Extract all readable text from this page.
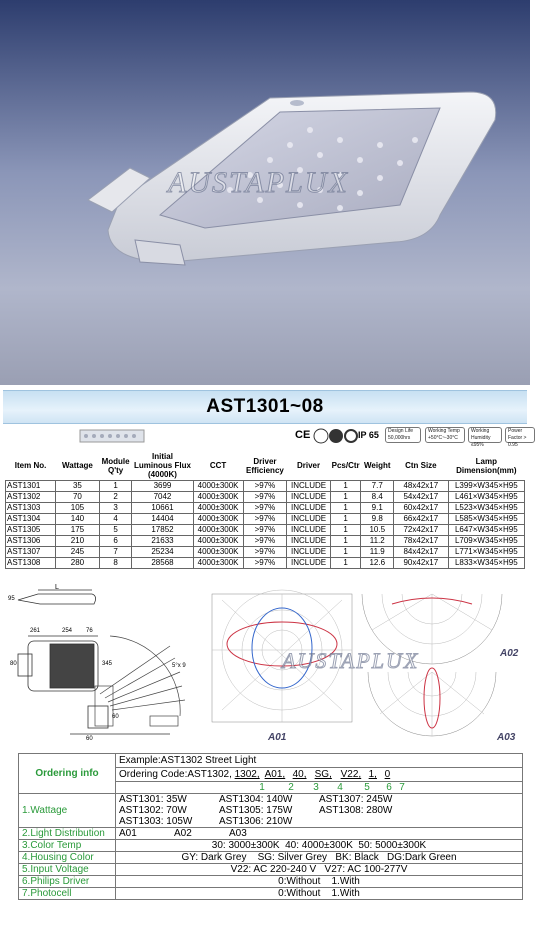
AUSTAPLUX
AST1301~08
CE	IP 65	Design Life 50,000hrs
Working Temp +50°C~-30°C
Working Humidity ≤95%
Power Factor > 0.95
Item No.	Wattage	Module Q'ty	Initial Luminous Flux (4000K)	CCT	Driver Efficiency	Driver	Pcs/Ctr	Weight	Ctn Size	Lamp Dimension(mm)
AST1301	35	1	3699	4000±300K	>97%	INCLUDE	1	7.7	48x42x17	L399×W345×H95
AST1302	70	2	7042	4000±300K	>97%	INCLUDE	1	8.4	54x42x17	L461×W345×H95
AST1303	105	3	10661	4000±300K	>97%	INCLUDE	1	9.1	60x42x17	L523×W345×H95
AST1304	140	4	14404	4000±300K	>97%	INCLUDE	1	9.8	66x42x17	L585×W345×H95
AST1305	175	5	17852	4000±300K	>97%	INCLUDE	1	10.5	72x42x17	L647×W345×H95
AST1306	210	6	21633	4000±300K	>97%	INCLUDE	1	11.2	78x42x17	L709×W345×H95
AST1307	245	7	25234	4000±300K	>97%	INCLUDE	1	11.9	84x42x17	L771×W345×H95
AST1308	280	8	28568	4000±300K	>97%	INCLUDE	1	12.6	90x42x17	L833×W345×H95
L
95
261	254 76
345
80
60
60
5°x 9
A01
A02
A03
AUSTAPLUX
Ordering info	Example:AST1302 Street Light
	Ordering Code:AST1302, 1302, A01, 40, SG, V22, 1, 0
	1 2 3 4 5 6 7
1.Wattage	AST1301: 35W AST1304: 140W AST1307: 245W
AST1302: 70W AST1305: 175W AST1308: 280W
AST1303: 105W AST1306: 210W

2.Light Distribution	A01 A02 A03
3.Color Temp	30: 3000±300K  40: 4000±300K  50: 5000±300K
4.Housing Color	GY: Dark Grey    SG: Silver Grey   BK: Black   DG:Dark Green
5.Input Voltage	V22: AC 220-240 V   V27: AC 100-277V
6.Philips Driver	0:Without    1.With
7.Photocell	0:Without    1.With
